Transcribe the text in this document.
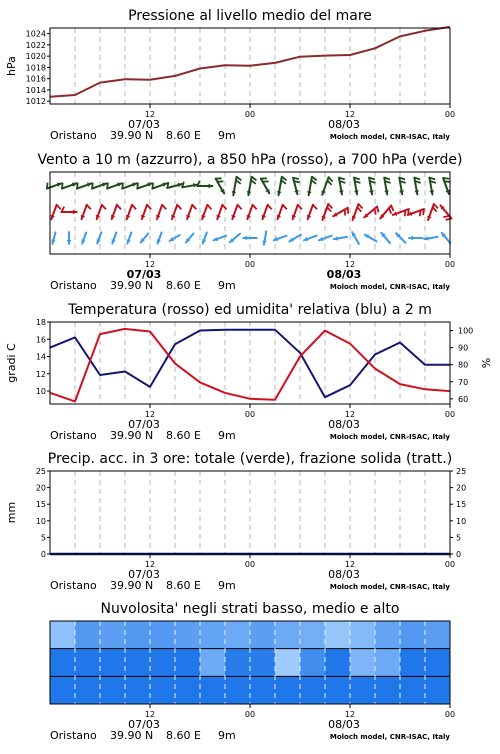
1012
1014
1016
1018
1020
1022
1024
Pressione al livello medio del mare
12
07/03
00	12
08/03
00
Oristano 39.90 N 8.60 E 9m	Moloch model, CNR-ISAC, Italy
hPa
Vento a 10 m (azzurro), a 850 hPa (rosso), a 700 hPa (verde)
12
07/03
00	12
08/03
00
Oristano 39.90 N 8.60 E 9m	Moloch model, CNR-ISAC, Italy
10
12
14
16
18
60
70
80
90
100
Temperatura (rosso) ed umidita' relativa (blu) a 2 m
12
07/03
00	12
08/03
00
Oristano 39.90 N 8.60 E 9m	Moloch model, CNR-ISAC, Italy
gradi C	%
0
5
10
15
20
25
0
5
10
15
20
25
Precip. acc. in 3 ore: totale (verde), frazione solida (tratt.)
12
07/03
00	12
08/03
00
Oristano 39.90 N 8.60 E 9m	Moloch model, CNR-ISAC, Italy
mm
Nuvolosita' negli strati basso, medio e alto
12
07/03
00	12
08/03
00
Oristano 39.90 N 8.60 E 9m	Moloch model, CNR-ISAC, Italy
